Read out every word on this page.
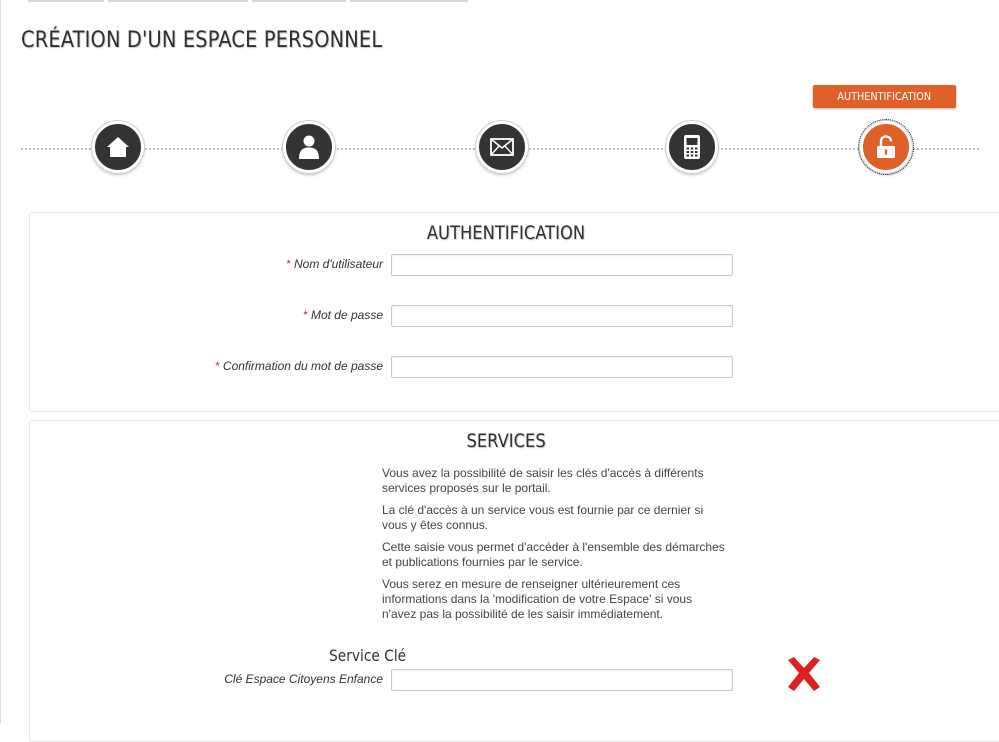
CRÉATION D'UN ESPACE PERSONNEL
AUTHENTIFICATION
AUTHENTIFICATION
* Nom d'utilisateur
* Mot de passe
* Confirmation du mot de passe
SERVICES

Vous avez la possibilité de saisir les clés d'accès à différents services proposés sur le portail.

La clé d'accès à un service vous est fournie par ce dernier si vous y êtes connus.

Cette saisie vous permet d'accéder à l'ensemble des démarches et publications fournies par le service.

Vous serez en mesure de renseigner ultérieurement ces informations dans la 'modification de votre Espace' si vous n'avez pas la possibilité de les saisir immédiatement.

Service Clé
Clé Espace Citoyens Enfance
